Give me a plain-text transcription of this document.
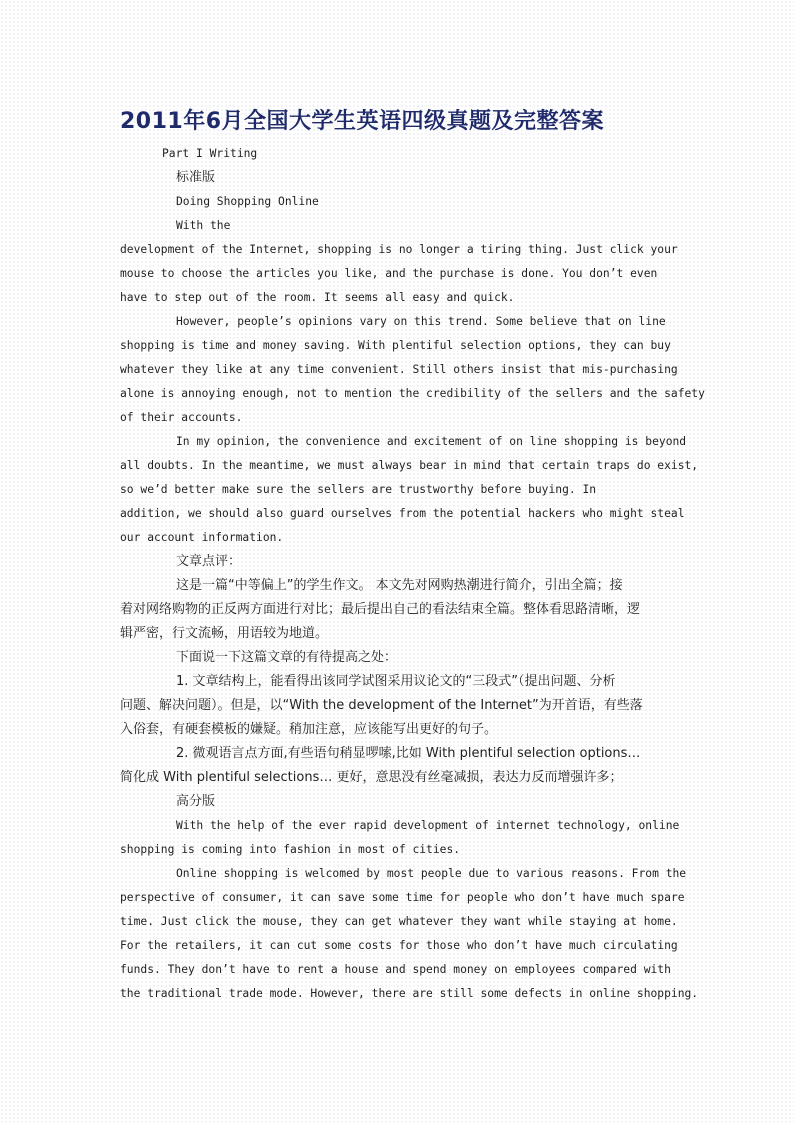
2011年6月全国大学生英语四级真题及完整答案
Part I Writing
标准版
Doing Shopping Online
With the
development of the Internet, shopping is no longer a tiring thing. Just click your
mouse to choose the articles you like, and the purchase is done. You don’t even
have to step out of the room. It seems all easy and quick.
However, people’s opinions vary on this trend. Some believe that on line
shopping is time and money saving. With plentiful selection options, they can buy
whatever they like at any time convenient. Still others insist that mis-purchasing
alone is annoying enough, not to mention the credibility of the sellers and the safety
of their accounts.
In my opinion, the convenience and excitement of on line shopping is beyond
all doubts. In the meantime, we must always bear in mind that certain traps do exist,
so we’d better make sure the sellers are trustworthy before buying. In
addition, we should also guard ourselves from the potential hackers who might steal
our account information.
文章点评：
这是一篇“中等偏上”的学生作文。 本文先对网购热潮进行简介，引出全篇；接
着对网络购物的正反两方面进行对比；最后提出自己的看法结束全篇。整体看思路清晰，逻
辑严密，行文流畅，用语较为地道。
下面说一下这篇文章的有待提高之处：
1. 文章结构上，能看得出该同学试图采用议论文的“三段式”（提出问题、分析
问题、解决问题）。但是，以“With the development of the Internet”为开首语，有些落
入俗套，有硬套模板的嫌疑。稍加注意，应该能写出更好的句子。
2. 微观语言点方面,有些语句稍显啰嗦,比如 With plentiful selection options…
简化成 With plentiful selections… 更好，意思没有丝毫减损，表达力反而增强许多；
高分版
With the help of the ever rapid development of internet technology, online
shopping is coming into fashion in most of cities.
Online shopping is welcomed by most people due to various reasons. From the
perspective of consumer, it can save some time for people who don’t have much spare
time. Just click the mouse, they can get whatever they want while staying at home.
For the retailers, it can cut some costs for those who don’t have much circulating
funds. They don’t have to rent a house and spend money on employees compared with
the traditional trade mode. However, there are still some defects in online shopping.
